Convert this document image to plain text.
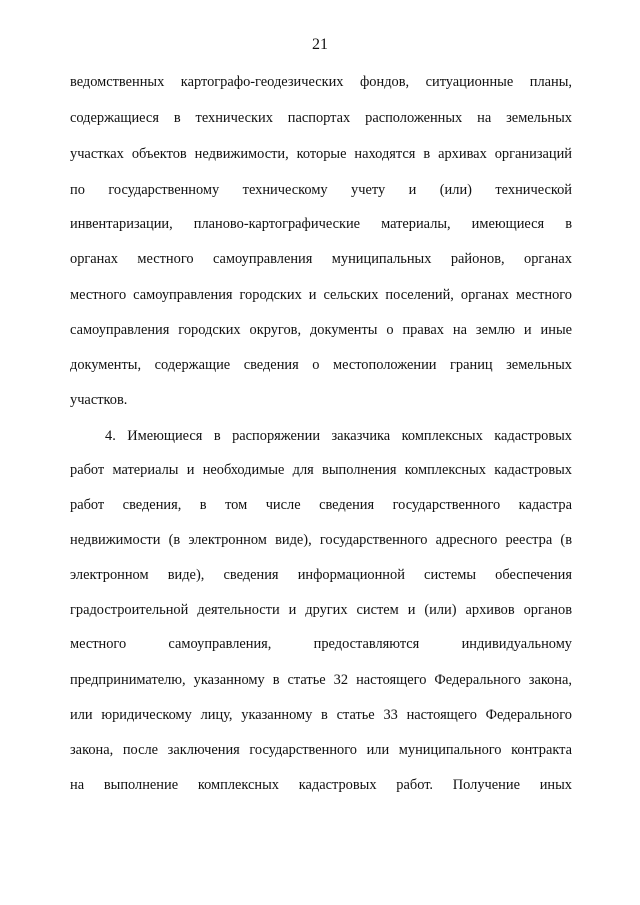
21
ведомственных картографо-геодезических фондов, ситуационные планы,
содержащиеся в технических паспортах расположенных на земельных
участках объектов недвижимости, которые находятся в архивах организаций
по государственному техническому учету и (или) технической
инвентаризации, планово-картографические материалы, имеющиеся в
органах местного самоуправления муниципальных районов, органах
местного самоуправления городских и сельских поселений, органах местного
самоуправления городских округов, документы о правах на землю и иные
документы, содержащие сведения о местоположении границ земельных
участков.
4. Имеющиеся в распоряжении заказчика комплексных кадастровых
работ материалы и необходимые для выполнения комплексных кадастровых
работ сведения, в том числе сведения государственного кадастра
недвижимости (в электронном виде), государственного адресного реестра (в
электронном виде), сведения информационной системы обеспечения
градостроительной деятельности и других систем и (или) архивов органов
местного самоуправления, предоставляются индивидуальному
предпринимателю, указанному в статье 32 настоящего Федерального закона,
или юридическому лицу, указанному в статье 33 настоящего Федерального
закона, после заключения государственного или муниципального контракта
на выполнение комплексных кадастровых работ. Получение иных
